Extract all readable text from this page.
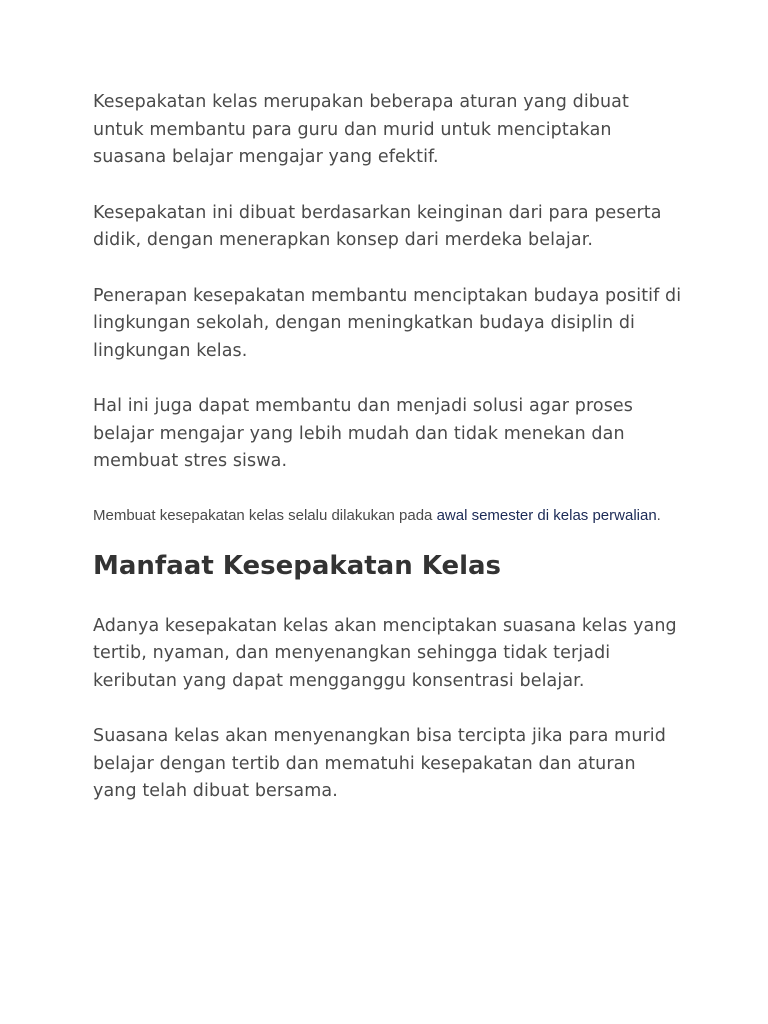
Kesepakatan kelas merupakan beberapa aturan yang dibuat untuk membantu para guru dan murid untuk menciptakan suasana belajar mengajar yang efektif.

Kesepakatan ini dibuat berdasarkan keinginan dari para peserta didik, dengan menerapkan konsep dari merdeka belajar.

Penerapan kesepakatan membantu menciptakan budaya positif di lingkungan sekolah, dengan meningkatkan budaya disiplin di lingkungan kelas.

Hal ini juga dapat membantu dan menjadi solusi agar proses belajar mengajar yang lebih mudah dan tidak menekan dan membuat stres siswa.

Membuat kesepakatan kelas selalu dilakukan pada awal semester di kelas perwalian.

Manfaat Kesepakatan Kelas

Adanya kesepakatan kelas akan menciptakan suasana kelas yang tertib, nyaman, dan menyenangkan sehingga tidak terjadi keributan yang dapat mengganggu konsentrasi belajar.

Suasana kelas akan menyenangkan bisa tercipta jika para murid belajar dengan tertib dan mematuhi kesepakatan dan aturan yang telah dibuat bersama.
